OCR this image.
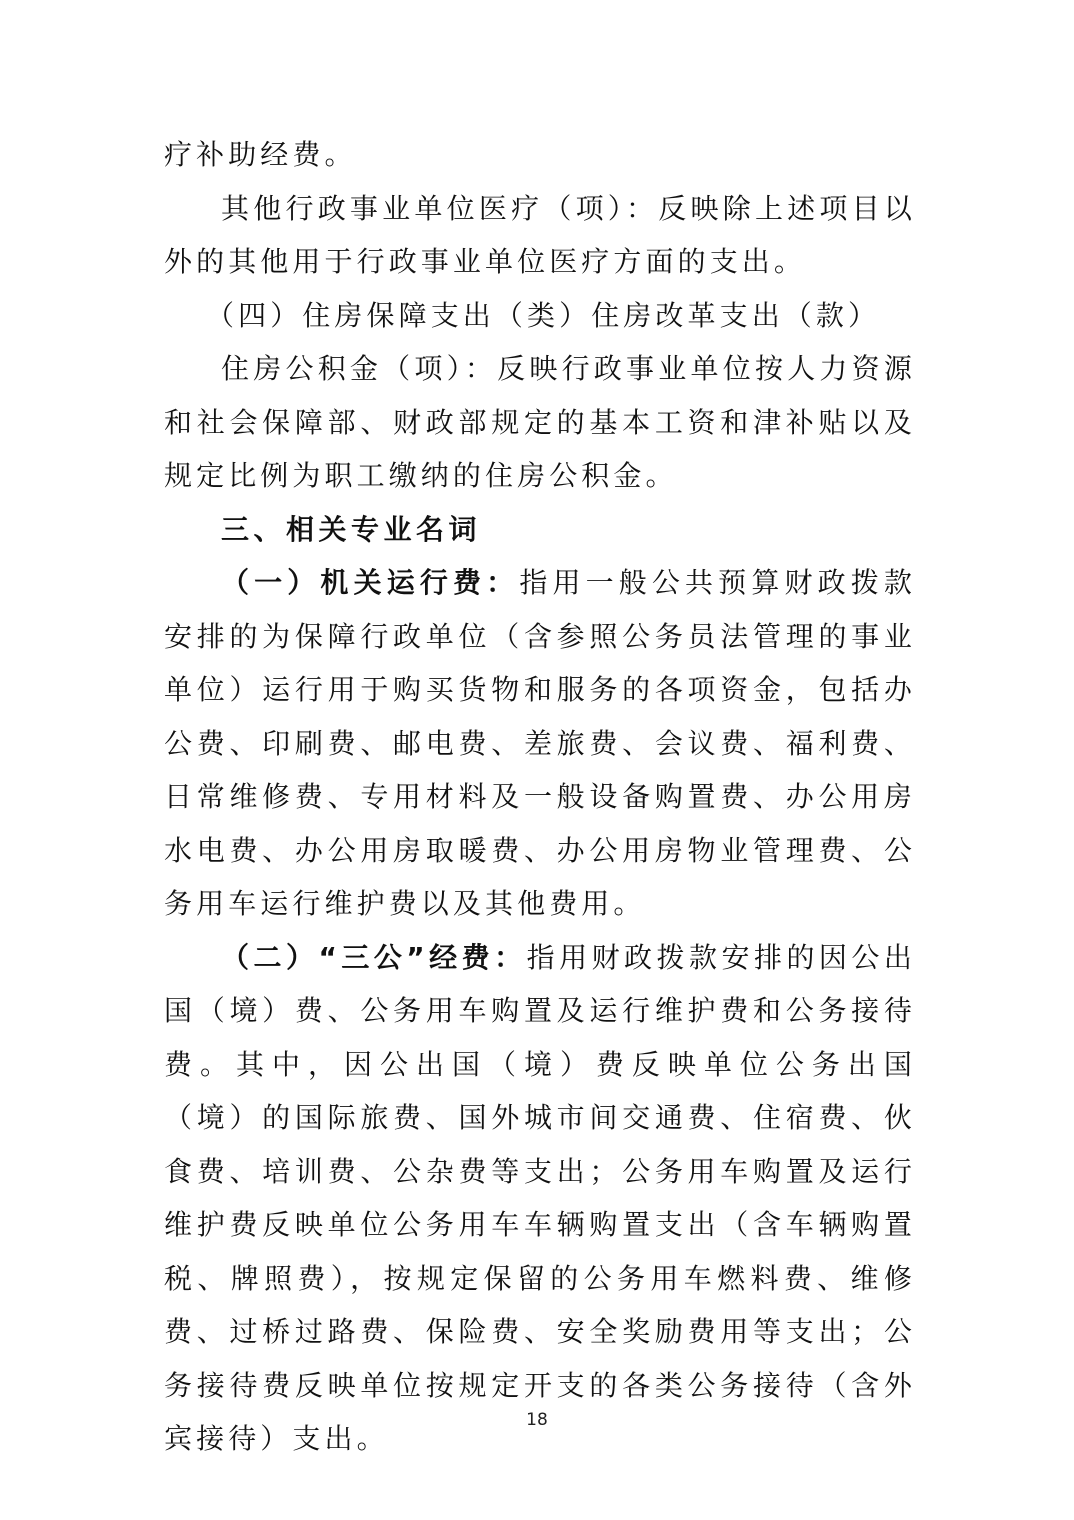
疗补助经费。

其他行政事业单位医疗（项）：反映除上述项目以外的其他用于行政事业单位医疗方面的支出。

（四）住房保障支出（类）住房改革支出（款）

住房公积金（项）：反映行政事业单位按人力资源和社会保障部、财政部规定的基本工资和津补贴以及规定比例为职工缴纳的住房公积金。

三、相关专业名词

（一）机关运行费：指用一般公共预算财政拨款安排的为保障行政单位（含参照公务员法管理的事业单位）运行用于购买货物和服务的各项资金，包括办公费、印刷费、邮电费、差旅费、会议费、福利费、日常维修费、专用材料及一般设备购置费、办公用房水电费、办公用房取暖费、办公用房物业管理费、公务用车运行维护费以及其他费用。

（二）“三公”经费：指用财政拨款安排的因公出国（境）费、公务用车购置及运行维护费和公务接待费。其中，因公出国（境）费反映单位公务出国（境）的国际旅费、国外城市间交通费、住宿费、伙食费、培训费、公杂费等支出；公务用车购置及运行维护费反映单位公务用车车辆购置支出（含车辆购置税、牌照费），按规定保留的公务用车燃料费、维修费、过桥过路费、保险费、安全奖励费用等支出；公务接待费反映单位按规定开支的各类公务接待（含外宾接待）支出。

18
